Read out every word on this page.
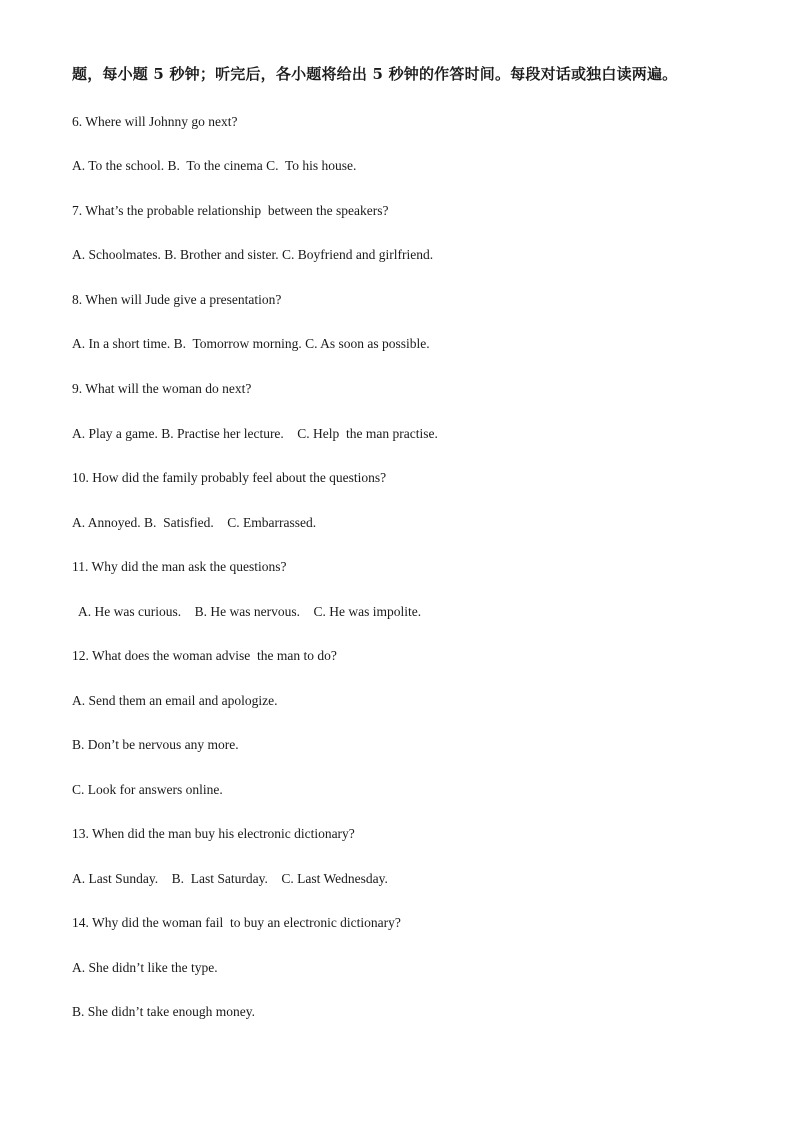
题，每小题 5 秒钟；听完后，各小题将给出 5 秒钟的作答时间。每段对话或独白读两遍。
6. Where will Johnny go next?
A. To the school. B.  To the cinema C.  To his house.
7. What’s the probable relationship  between the speakers?
A. Schoolmates. B. Brother and sister. C. Boyfriend and girlfriend.
8. When will Jude give a presentation?
A. In a short time. B.  Tomorrow morning. C. As soon as possible.
9. What will the woman do next?
A. Play a game. B. Practise her lecture.    C. Help  the man practise.
10. How did the family probably feel about the questions?
A. Annoyed. B.  Satisfied.    C. Embarrassed.
11. Why did the man ask the questions?
A. He was curious.    B. He was nervous.    C. He was impolite.
12. What does the woman advise  the man to do?
A. Send them an email and apologize.
B. Don’t be nervous any more.
C. Look for answers online.
13. When did the man buy his electronic dictionary?
A. Last Sunday.    B.  Last Saturday.    C. Last Wednesday.
14. Why did the woman fail  to buy an electronic dictionary?
A. She didn’t like the type.
B. She didn’t take enough money.
